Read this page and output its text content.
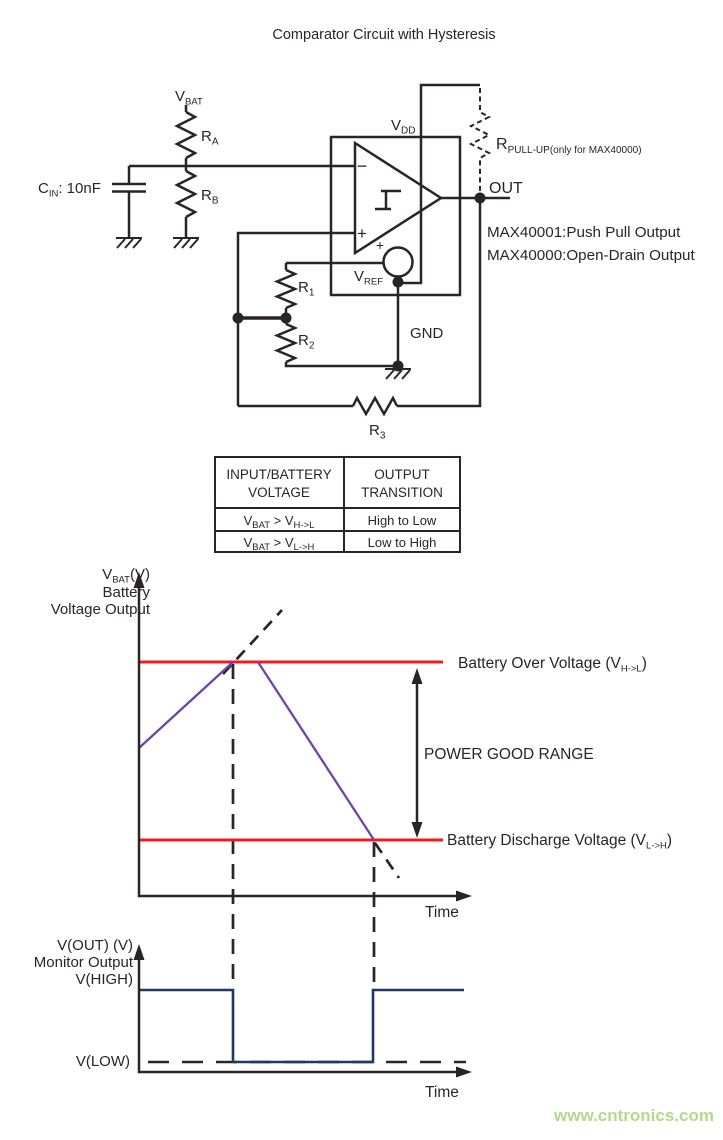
Comparator Circuit with Hysteresis
$V_{BAT}$
$R_A$
$R_B$
$C_{IN}$: 10nF
$V_{DD}$
$R_{PULL-UP}(only$ for MAX40000)
OUT
MAX40001:Push Pull Output
MAX40000:Open-Drain Output
$V_{REF}$
GND
$R_1$
$R_2$
$R_3$
−
+
+
INPUT/BATTERY
VOLTAGE
OUTPUT
TRANSITION
$V_{BAT} > V_{H->L}$	High to Low
$V_{BAT} > V_{L->H}$	Low to High
$V_{BAT}(V)$
Battery
Voltage Output
Battery Over Voltage $(V_{H->L})$
POWER GOOD RANGE
Battery Discharge Voltage $(V_{L->H})$
Time
V(OUT) (V)
Monitor Output
V(HIGH)
V(LOW)
Time
www.cntronics.com
